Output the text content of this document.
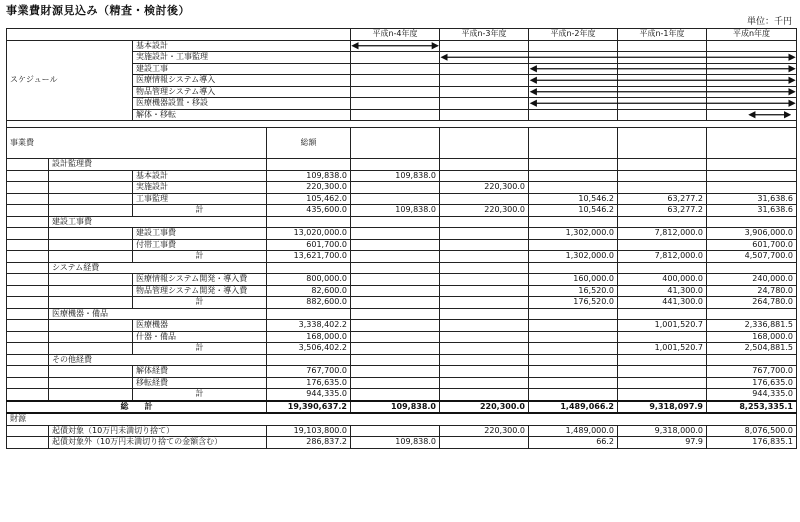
事業費財源見込み（精査・検討後）
単位：千円
				平成n-4年度	平成n-3年度	平成n-2年度	平成n-1年度	平成n年度
スケジュール		基本設計						
		実施設計・工事監理						
		建設工事						
		医療情報システム導入						
		物品管理システム導入						
		医療機器設置・移設						
		解体・移転						

事業費			総額					
	設計監理費							
		基本設計	109,838.0	109,838.0				
		実施設計	220,300.0		220,300.0			
		工事監理	105,462.0			10,546.2	63,277.2	31,638.6
		計	435,600.0	109,838.0	220,300.0	10,546.2	63,277.2	31,638.6
	建設工事費							
		建設工事費	13,020,000.0			1,302,000.0	7,812,000.0	3,906,000.0
		付帯工事費	601,700.0					601,700.0
		計	13,621,700.0			1,302,000.0	7,812,000.0	4,507,700.0
	システム経費							
		医療情報システム開発・導入費	800,000.0			160,000.0	400,000.0	240,000.0
		物品管理システム開発・導入費	82,600.0			16,520.0	41,300.0	24,780.0
		計	882,600.0			176,520.0	441,300.0	264,780.0
	医療機器・備品							
		医療機器	3,338,402.2				1,001,520.7	2,336,881.5
		什器・備品	168,000.0					168,000.0
		計	3,506,402.2				1,001,520.7	2,504,881.5
	その他経費							
		解体経費	767,700.0					767,700.0
		移転経費	176,635.0					176,635.0
		計	944,335.0					944,335.0
総　　計			19,390,637.2	109,838.0	220,300.0	1,489,066.2	9,318,097.9	8,253,335.1
財源								
	起債対象（10万円未満切り捨て）		19,103,800.0		220,300.0	1,489,000.0	9,318,000.0	8,076,500.0
	起債対象外（10万円未満切り捨ての金額含む）		286,837.2	109,838.0		66.2	97.9	176,835.1
